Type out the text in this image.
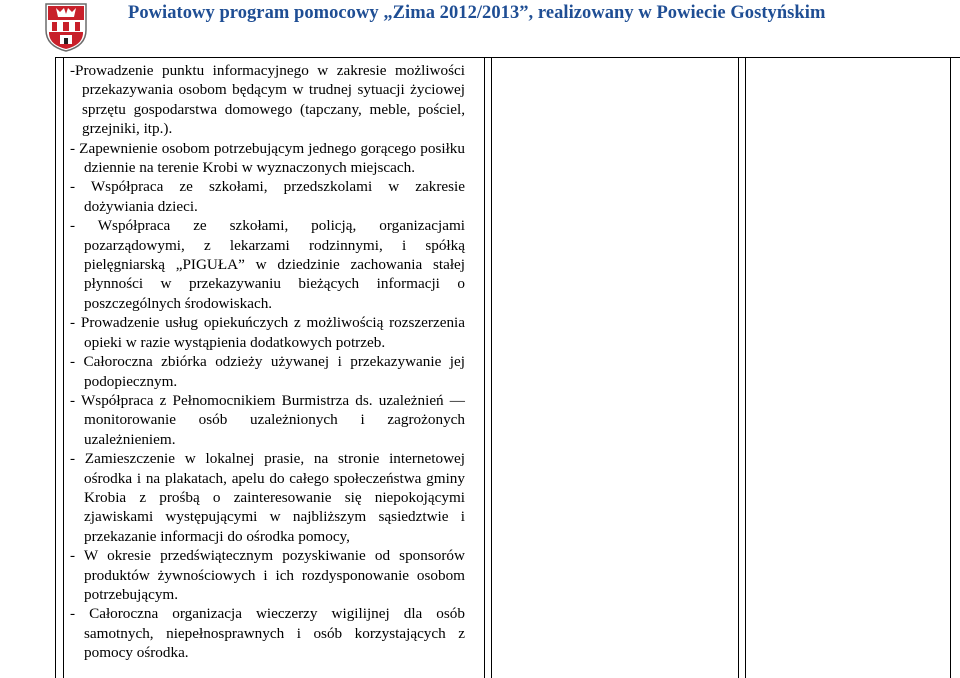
Powiatowy program pomocowy „Zima 2012/2013”, realizowany w Powiecie Gostyńskim

-Prowadzenie punktu informacyjnego w zakresie możliwości przekazywania osobom będącym w trudnej sytuacji życiowej sprzętu gospodarstwa domowego (tapczany, meble, pościel, grzejniki, itp.).

- Zapewnienie osobom potrzebującym jednego gorącego posiłku dziennie na terenie Krobi w wyznaczonych miejscach.

- Współpraca ze szkołami, przedszkolami w zakresie dożywiania dzieci.

- Współpraca ze szkołami, policją, organizacjami pozarządowymi, z lekarzami rodzinnymi, i spółką pielęgniarską „PIGUŁA” w dziedzinie zachowania stałej płynności w przekazywaniu bieżących informacji o poszczególnych środowiskach.

- Prowadzenie usług opiekuńczych z możliwością rozszerzenia opieki w razie wystąpienia dodatkowych potrzeb.

- Całoroczna zbiórka odzieży używanej i przekazywanie jej podopiecznym.

- Współpraca z Pełnomocnikiem Burmistrza ds. uzależnień — monitorowanie osób uzależnionych i zagrożonych uzależnieniem.

- Zamieszczenie w lokalnej prasie, na stronie internetowej ośrodka i na plakatach, apelu do całego społeczeństwa gminy Krobia z prośbą o zainteresowanie się niepokojącymi zjawiskami występującymi w najbliższym sąsiedztwie i przekazanie informacji do ośrodka pomocy,

- W okresie przedświątecznym pozyskiwanie od sponsorów produktów żywnościowych i ich rozdysponowanie osobom potrzebującym.

- Całoroczna organizacja wieczerzy wigilijnej dla osób samotnych, niepełnosprawnych i osób korzystających z pomocy ośrodka.
